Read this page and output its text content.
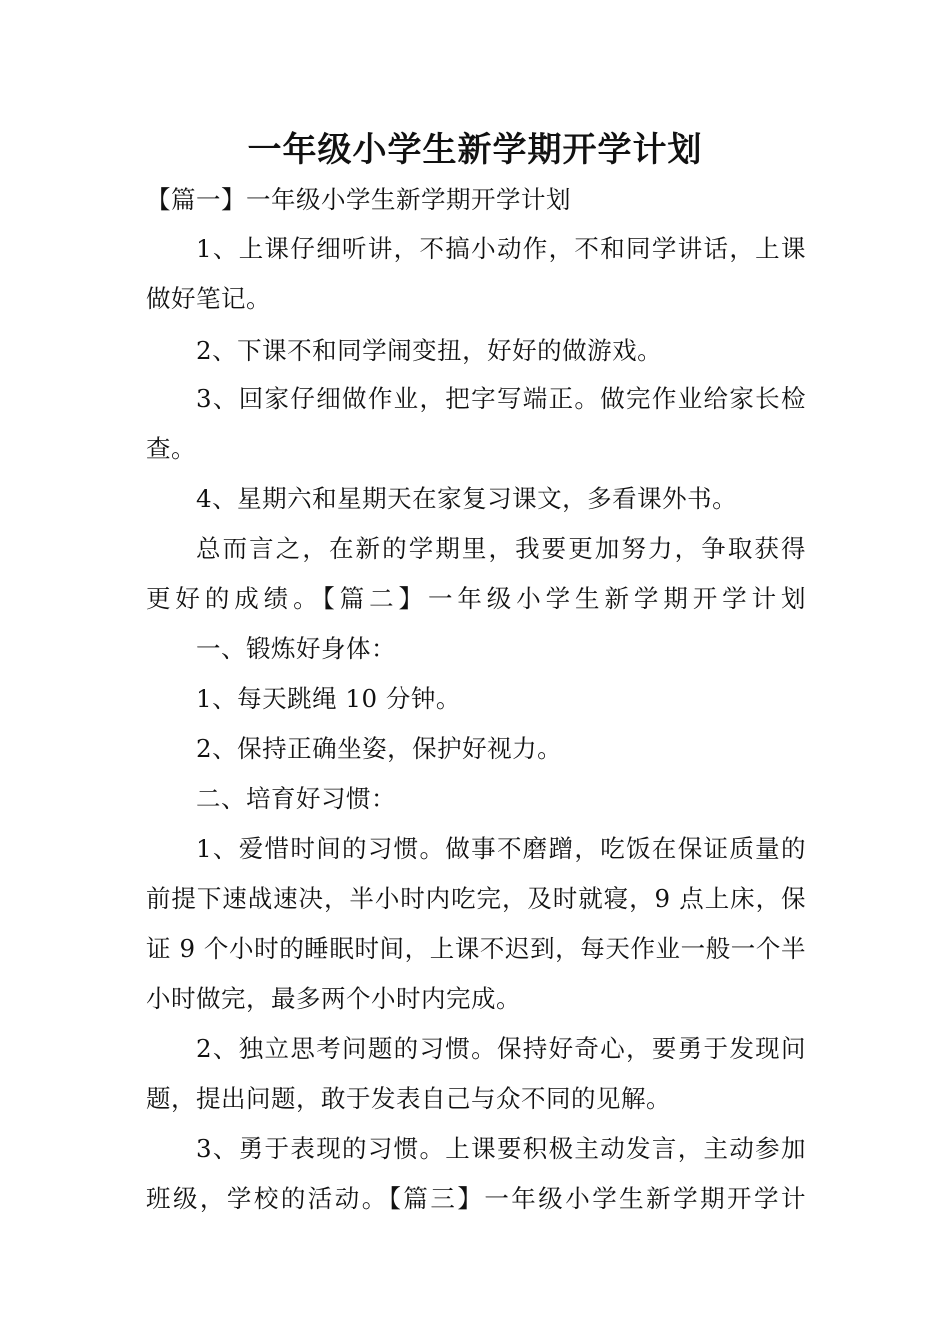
一年级小学生新学期开学计划
【篇一】一年级小学生新学期开学计划
1、上课仔细听讲，不搞小动作，不和同学讲话，上课
做好笔记。
2、下课不和同学闹变扭，好好的做游戏。
3、回家仔细做作业，把字写端正。做完作业给家长检
查。
4、星期六和星期天在家复习课文，多看课外书。
总而言之，在新的学期里，我要更加努力，争取获得
更好的成绩。【篇二】一年级小学生新学期开学计划
一、锻炼好身体：
1、每天跳绳 10 分钟。
2、保持正确坐姿，保护好视力。
二、培育好习惯：
1、爱惜时间的习惯。做事不磨蹭，吃饭在保证质量的
前提下速战速决，半小时内吃完，及时就寝，9 点上床，保
证 9 个小时的睡眠时间，上课不迟到，每天作业一般一个半
小时做完，最多两个小时内完成。
2、独立思考问题的习惯。保持好奇心，要勇于发现问
题，提出问题，敢于发表自己与众不同的见解。
3、勇于表现的习惯。上课要积极主动发言，主动参加
班级，学校的活动。【篇三】一年级小学生新学期开学计
